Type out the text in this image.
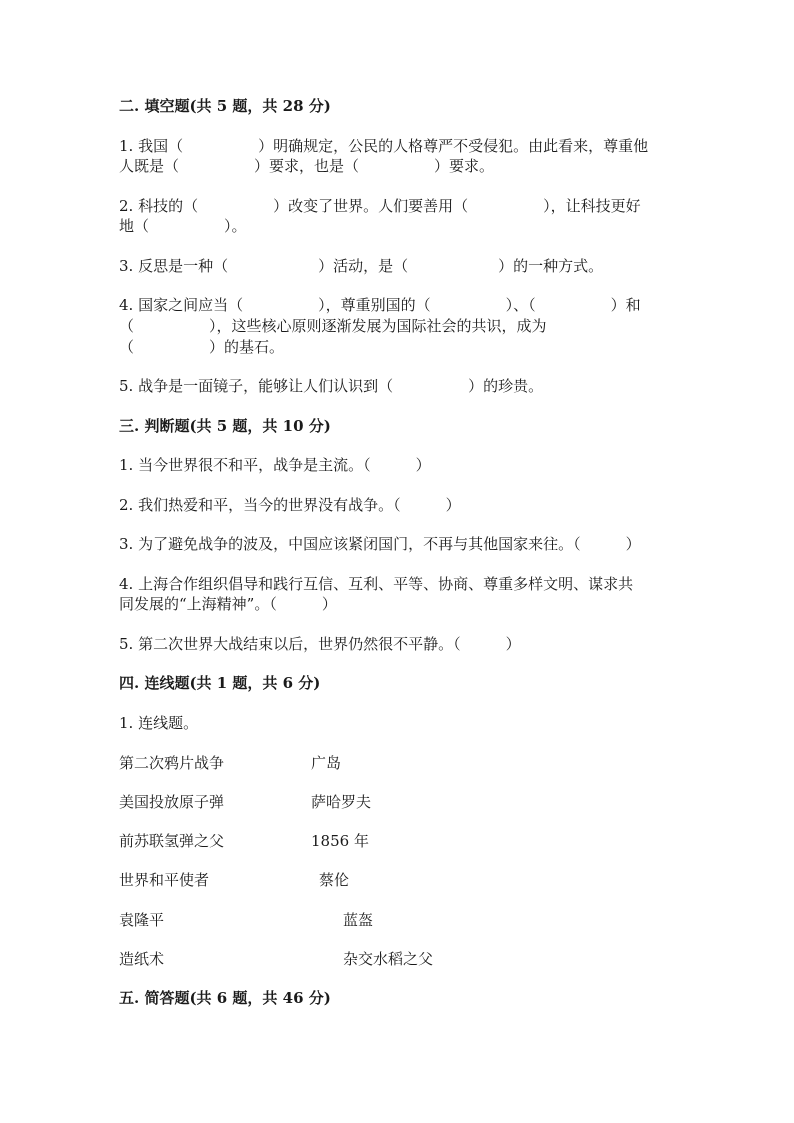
二. 填空题(共 5 题，共 28 分)
1. 我国（　　　　　）明确规定，公民的人格尊严不受侵犯。由此看来，尊重他
人既是（　　　　　）要求，也是（　　　　　）要求。
2. 科技的（　　　　　）改变了世界。人们要善用（　　　　　），让科技更好
地（　　　　　）。
3. 反思是一种（　　　　　　）活动，是（　　　　　　）的一种方式。
4. 国家之间应当（　　　　　），尊重别国的（　　　　　）、（　　　　　）和
（　　　　　），这些核心原则逐渐发展为国际社会的共识，成为
（　　　　　）的基石。
5. 战争是一面镜子，能够让人们认识到（　　　　　）的珍贵。
三. 判断题(共 5 题，共 10 分)
1. 当今世界很不和平，战争是主流。（　　　）
2. 我们热爱和平，当今的世界没有战争。（　　　）
3. 为了避免战争的波及，中国应该紧闭国门，不再与其他国家来往。（　　　）
4. 上海合作组织倡导和践行互信、互利、平等、协商、尊重多样文明、谋求共
同发展的“上海精神”。（　　　）
5. 第二次世界大战结束以后，世界仍然很不平静。（　　　）
四. 连线题(共 1 题，共 6 分)
1. 连线题。
第二次鸦片战争	广岛
美国投放原子弹	萨哈罗夫
前苏联氢弹之父	1856 年
世界和平使者	蔡伦
袁隆平	蓝盔
造纸术	杂交水稻之父
五. 简答题(共 6 题，共 46 分)
